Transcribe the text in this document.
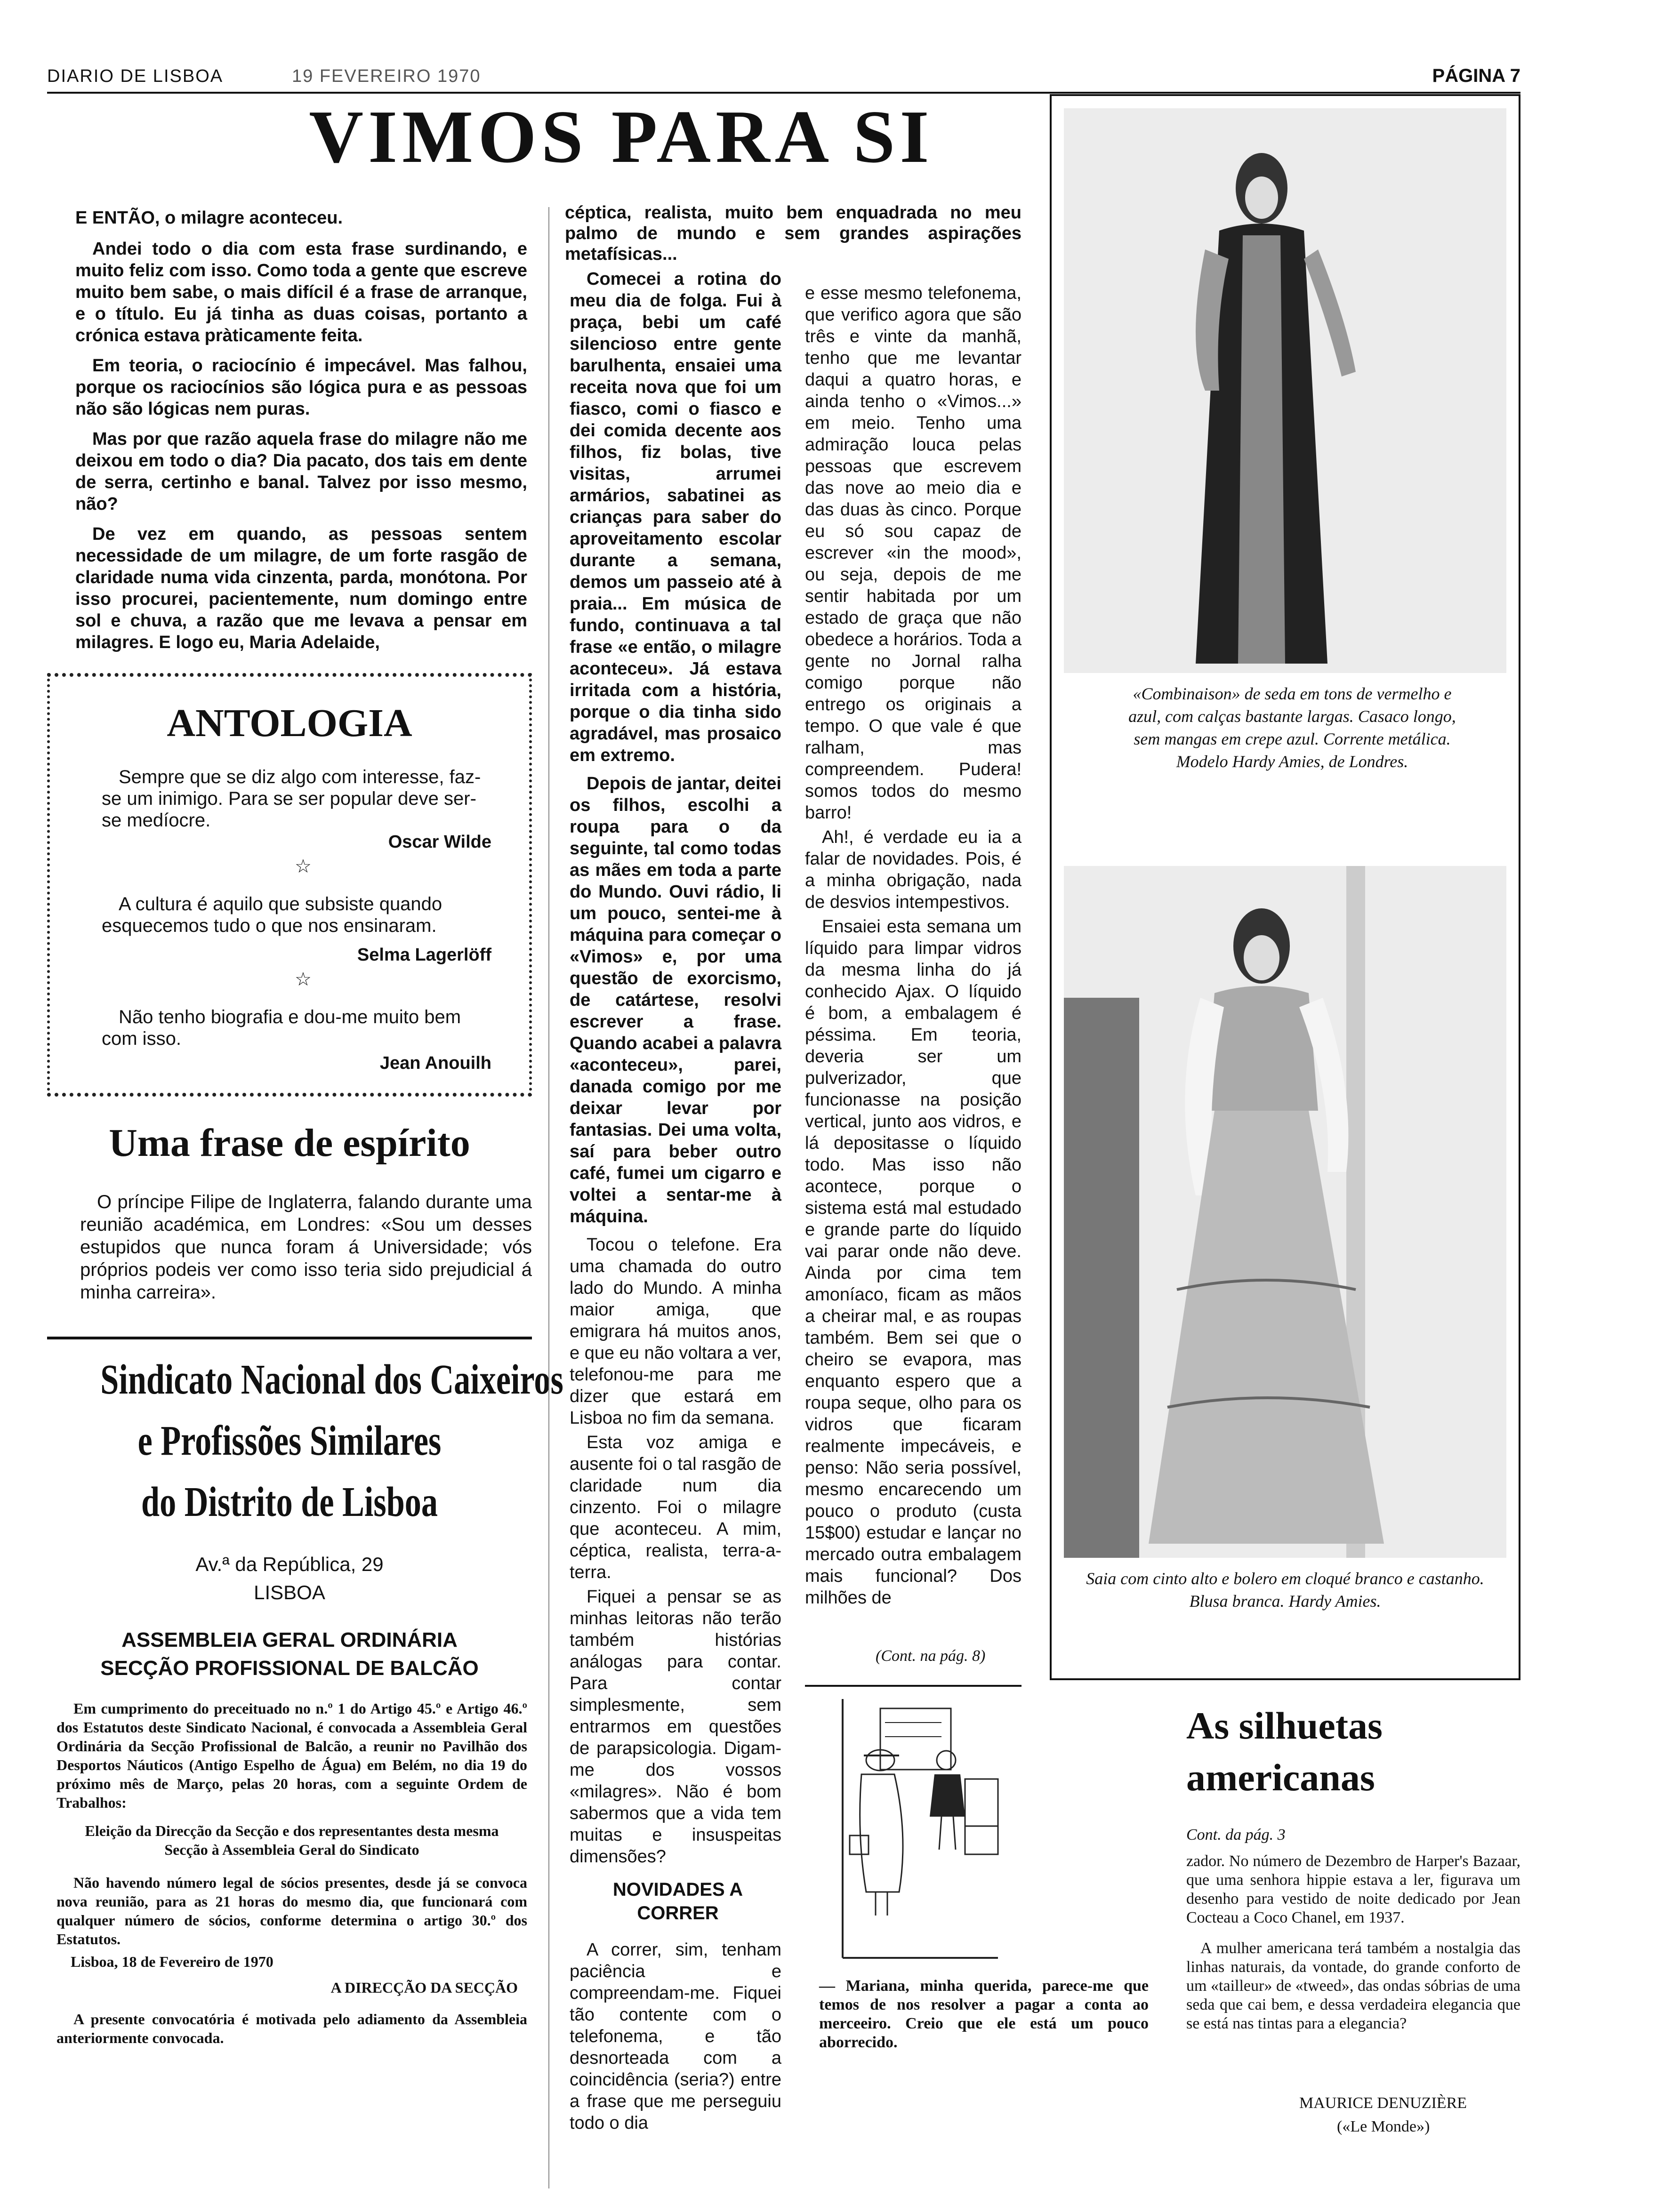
DIARIO DE LISBOA	19 FEVEREIRO 1970	PÁGINA 7
VIMOS PARA SI

E ENTÃO, o milagre aconteceu.

Andei todo o dia com esta frase surdinando, e muito feliz com isso. Como toda a gente que escreve muito bem sabe, o mais difícil é a frase de arranque, e o título. Eu já tinha as duas coisas, portanto a crónica estava pràticamente feita.

Em teoria, o raciocínio é impecável. Mas falhou, porque os raciocínios são lógica pura e as pessoas não são lógicas nem puras.

Mas por que razão aquela frase do milagre não me deixou em todo o dia? Dia pacato, dos tais em dente de serra, certinho e banal. Talvez por isso mesmo, não?

De vez em quando, as pessoas sentem necessidade de um milagre, de um forte rasgão de claridade numa vida cinzenta, parda, monótona. Por isso procurei, pacientemente, num domingo entre sol e chuva, a razão que me levava a pensar em milagres. E logo eu, Maria Adelaide,

ANTOLOGIA
Sempre que se diz algo com interesse, faz-se um inimigo. Para se ser popular deve ser-se medíocre.
Oscar Wilde
☆
A cultura é aquilo que subsiste quando esquecemos tudo o que nos ensinaram.
Selma Lagerlöff
☆
Não tenho biografia e dou-me muito bem com isso.
Jean Anouilh
Uma frase de espírito
O príncipe Filipe de Inglaterra, falando durante uma reunião académica, em Londres: «Sou um desses estupidos que nunca foram á Universidade; vós próprios podeis ver como isso teria sido prejudicial á minha carreira».
Sindicato Nacional dos Caixeiros
e Profissões Similares
do Distrito de Lisboa
Av.ª da República, 29
LISBOA
ASSEMBLEIA GERAL ORDINÁRIA
SECÇÃO PROFISSIONAL DE BALCÃO
Em cumprimento do preceituado no n.º 1 do Artigo 45.º e Artigo 46.º dos Estatutos deste Sindicato Nacional, é convocada a Assembleia Geral Ordinária da Secção Profissional de Balcão, a reunir no Pavilhão dos Desportos Náuticos (Antigo Espelho de Água) em Belém, no dia 19 do próximo mês de Março, pelas 20 horas, com a seguinte Ordem de Trabalhos:
Eleição da Direcção da Secção e dos representantes desta mesma Secção à Assembleia Geral do Sindicato
Não havendo número legal de sócios presentes, desde já se convoca nova reunião, para as 21 horas do mesmo dia, que funcionará com qualquer número de sócios, conforme determina o artigo 30.º dos Estatutos.
Lisboa, 18 de Fevereiro de 1970
A DIRECÇÃO DA SECÇÃO
A presente convocatória é motivada pelo adiamento da Assembleia anteriormente convocada.
céptica, realista, muito bem enquadrada no meu palmo de mundo e sem grandes aspirações metafísicas...

Comecei a rotina do meu dia de folga. Fui à praça, bebi um café silencioso entre gente barulhenta, ensaiei uma receita nova que foi um fiasco, comi o fiasco e dei comida decente aos filhos, fiz bolas, tive visitas, arrumei armários, sabatinei as crianças para saber do aproveitamento escolar durante a semana, demos um passeio até à praia... Em música de fundo, continuava a tal frase «e então, o milagre aconteceu». Já estava irritada com a história, porque o dia tinha sido agradável, mas prosaico em extremo.

Depois de jantar, deitei os filhos, escolhi a roupa para o da seguinte, tal como todas as mães em toda a parte do Mundo. Ouvi rádio, li um pouco, sentei-me à máquina para começar o «Vimos» e, por uma questão de exorcismo, de catártese, resolvi escrever a frase. Quando acabei a palavra «aconteceu», parei, danada comigo por me deixar levar por fantasias. Dei uma volta, saí para beber outro café, fumei um cigarro e voltei a sentar-me à máquina.

Tocou o telefone. Era uma chamada do outro lado do Mundo. A minha maior amiga, que emigrara há muitos anos, e que eu não voltara a ver, telefonou-me para me dizer que estará em Lisboa no fim da semana.

Esta voz amiga e ausente foi o tal rasgão de claridade num dia cinzento. Foi o milagre que aconteceu. A mim, céptica, realista, terra-a-terra.

Fiquei a pensar se as minhas leitoras não terão também histórias análogas para contar. Para contar simplesmente, sem entrarmos em questões de parapsicologia. Digam-me dos vossos «milagres». Não é bom sabermos que a vida tem muitas e insuspeitas dimensões?

NOVIDADES A CORRER
A correr, sim, tenham paciência e compreendam-me. Fiquei tão contente com o telefonema, e tão desnorteada com a coincidência (seria?) entre a frase que me perseguiu todo o dia

e esse mesmo telefonema, que verifico agora que são três e vinte da manhã, tenho que me levantar daqui a quatro horas, e ainda tenho o «Vimos...» em meio. Tenho uma admiração louca pelas pessoas que escrevem das nove ao meio dia e das duas às cinco. Porque eu só sou capaz de escrever «in the mood», ou seja, depois de me sentir habitada por um estado de graça que não obedece a horários. Toda a gente no Jornal ralha comigo porque não entrego os originais a tempo. O que vale é que ralham, mas compreendem. Pudera! somos todos do mesmo barro!

Ah!, é verdade eu ia a falar de novidades. Pois, é a minha obrigação, nada de desvios intempestivos.

Ensaiei esta semana um líquido para limpar vidros da mesma linha do já conhecido Ajax. O líquido é bom, a embalagem é péssima. Em teoria, deveria ser um pulverizador, que funcionasse na posição vertical, junto aos vidros, e lá depositasse o líquido todo. Mas isso não acontece, porque o sistema está mal estudado e grande parte do líquido vai parar onde não deve. Ainda por cima tem amoníaco, ficam as mãos a cheirar mal, e as roupas também. Bem sei que o cheiro se evapora, mas enquanto espero que a roupa seque, olho para os vidros que ficaram realmente impecáveis, e penso: Não seria possível, mesmo encarecendo um pouco o produto (custa 15$00) estudar e lançar no mercado outra embalagem mais funcional? Dos milhões de

(Cont. na pág. 8)
— Mariana, minha querida, parece-me que temos de nos resolver a pagar a conta ao merceeiro. Creio que ele está um pouco aborrecido.
«Combinaison» de seda em tons de vermelho e azul, com calças bastante largas. Casaco longo, sem mangas em crepe azul. Corrente metálica. Modelo Hardy Amies, de Londres.
Saia com cinto alto e bolero em cloqué branco e castanho. Blusa branca. Hardy Amies.
As silhuetas
americanas
Cont. da pág. 3
zador. No número de Dezembro de Harper's Bazaar, que uma senhora hippie estava a ler, figurava um desenho para vestido de noite dedicado por Jean Cocteau a Coco Chanel, em 1937.
A mulher americana terá também a nostalgia das linhas naturais, da vontade, do grande conforto de um «tailleur» de «tweed», das ondas sóbrias de uma seda que cai bem, e dessa verdadeira elegancia que se está nas tintas para a elegancia?
MAURICE DENUZIÈRE
(«Le Monde»)
